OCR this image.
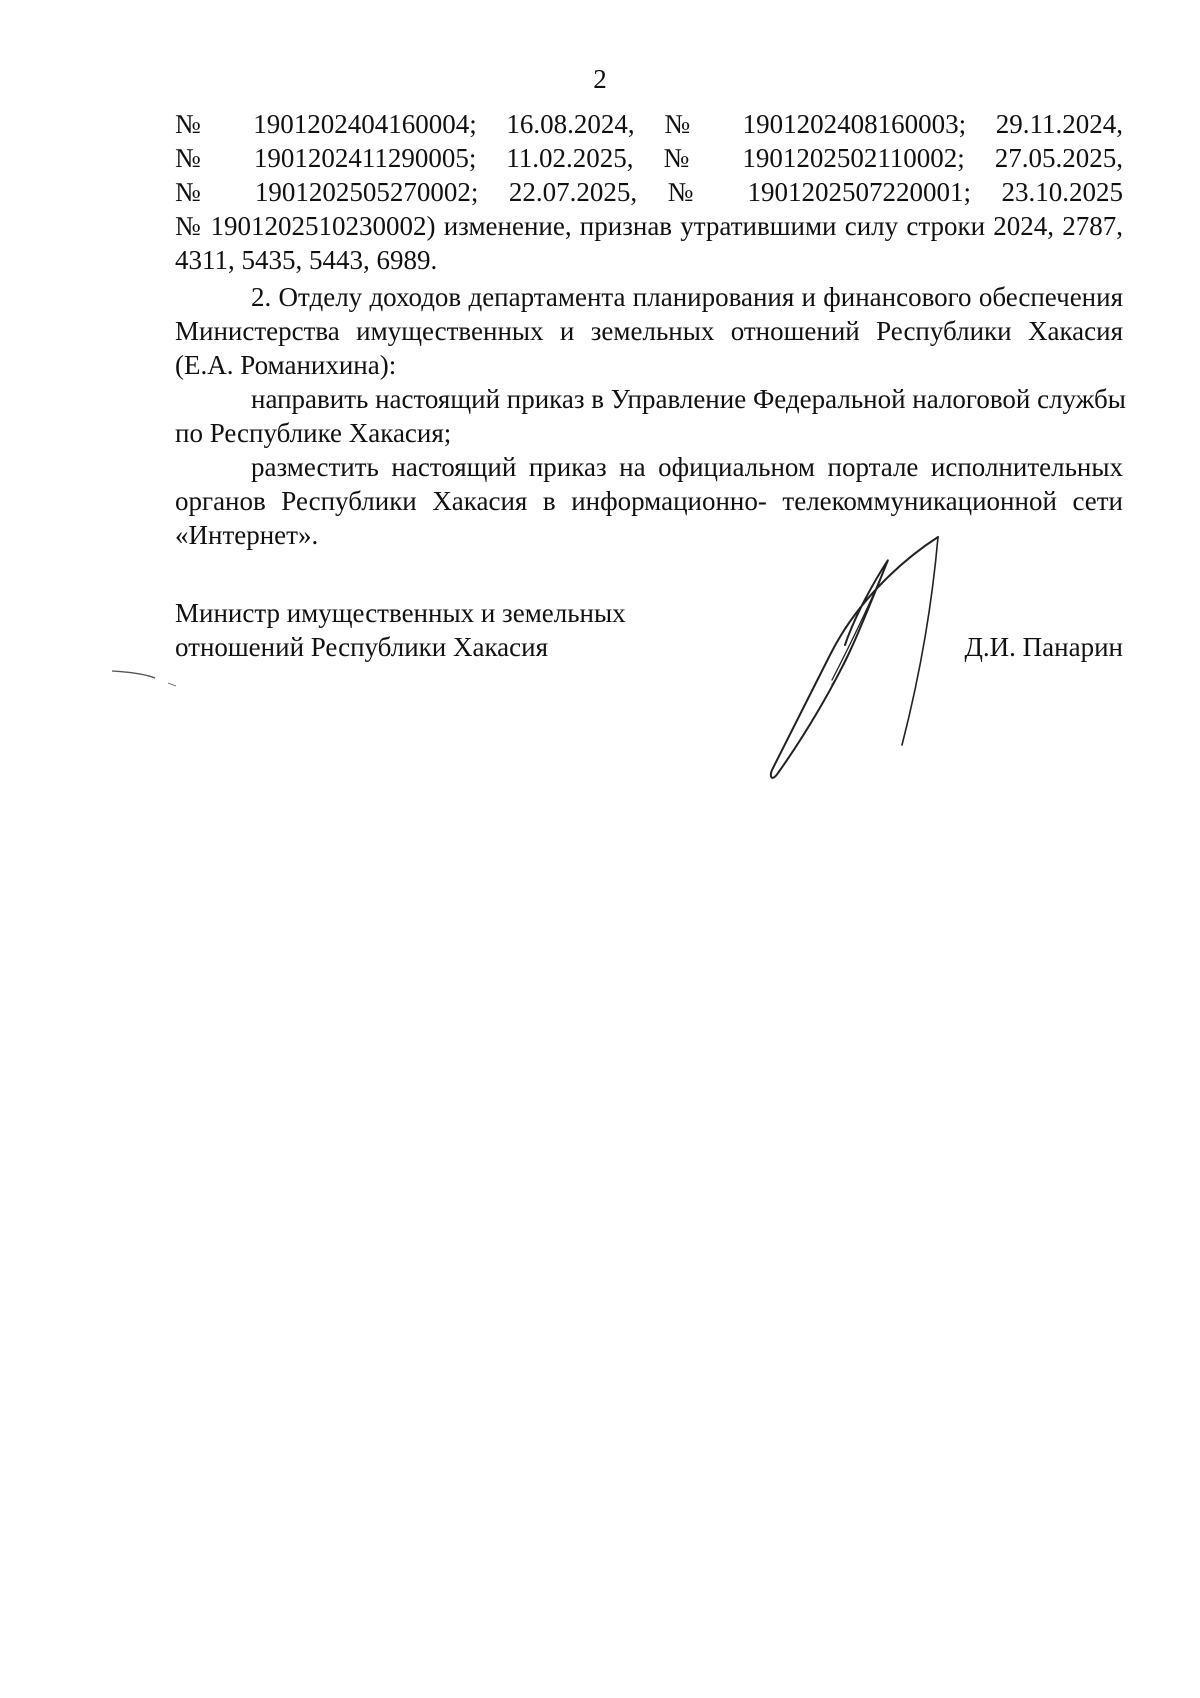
2
№ 1901202404160004; 16.08.2024, № 1901202408160003; 29.11.2024,
№ 1901202411290005; 11.02.2025, № 1901202502110002; 27.05.2025,
№ 1901202505270002; 22.07.2025, № 1901202507220001; 23.10.2025
№ 1901202510230002) изменение, признав утратившими силу строки 2024, 2787,
4311, 5435, 5443, 6989.
2. Отделу доходов департамента планирования и финансового обеспечения
Министерства имущественных и земельных отношений Республики Хакасия
(Е.А. Романихина):
направить настоящий приказ в Управление Федеральной налоговой службы
по Республике Хакасия;
разместить настоящий приказ на официальном портале исполнительных
органов Республики Хакасия в информационно- телекоммуникационной сети
«Интернет».
Министр имущественных и земельных
отношений Республики Хакасия	Д.И. Панарин
